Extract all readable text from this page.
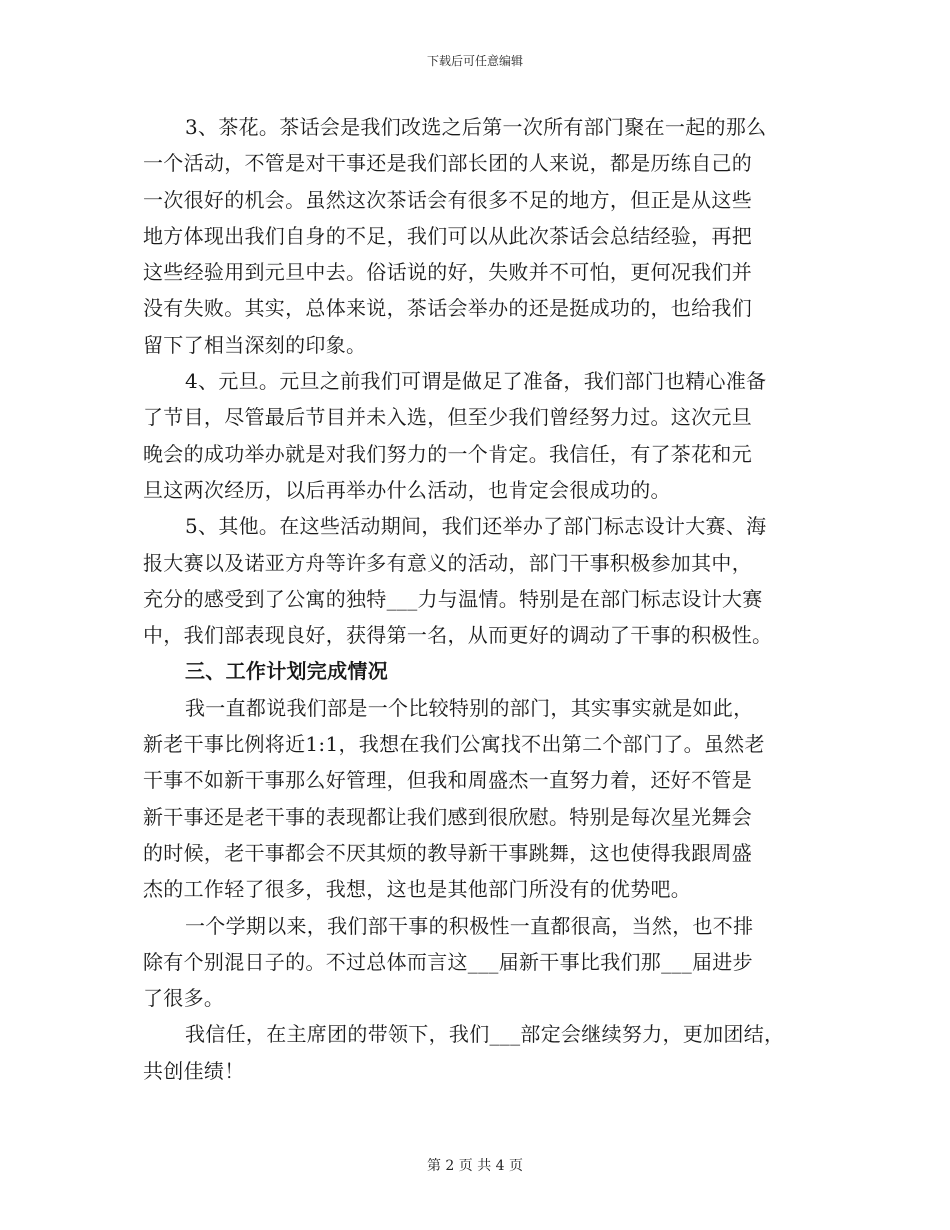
下载后可任意编辑
3、茶花。茶话会是我们改选之后第一次所有部门聚在一起的那么
一个活动，不管是对干事还是我们部长团的人来说，都是历练自己的
一次很好的机会。虽然这次茶话会有很多不足的地方，但正是从这些
地方体现出我们自身的不足，我们可以从此次茶话会总结经验，再把
这些经验用到元旦中去。俗话说的好，失败并不可怕，更何况我们并
没有失败。其实，总体来说，茶话会举办的还是挺成功的，也给我们
留下了相当深刻的印象。
4、元旦。元旦之前我们可谓是做足了准备，我们部门也精心准备
了节目，尽管最后节目并未入选，但至少我们曾经努力过。这次元旦
晚会的成功举办就是对我们努力的一个肯定。我信任，有了茶花和元
旦这两次经历，以后再举办什么活动，也肯定会很成功的。
5、其他。在这些活动期间，我们还举办了部门标志设计大赛、海
报大赛以及诺亚方舟等许多有意义的活动，部门干事积极参加其中，
充分的感受到了公寓的独特___力与温情。特别是在部门标志设计大赛
中，我们部表现良好，获得第一名，从而更好的调动了干事的积极性。
三、工作计划完成情况
我一直都说我们部是一个比较特别的部门，其实事实就是如此，
新老干事比例将近1:1，我想在我们公寓找不出第二个部门了。虽然老
干事不如新干事那么好管理，但我和周盛杰一直努力着，还好不管是
新干事还是老干事的表现都让我们感到很欣慰。特别是每次星光舞会
的时候，老干事都会不厌其烦的教导新干事跳舞，这也使得我跟周盛
杰的工作轻了很多，我想，这也是其他部门所没有的优势吧。
一个学期以来，我们部干事的积极性一直都很高，当然，也不排
除有个别混日子的。不过总体而言这___届新干事比我们那___届进步
了很多。
我信任，在主席团的带领下，我们___部定会继续努力，更加团结，
共创佳绩！
第 2 页 共 4 页
